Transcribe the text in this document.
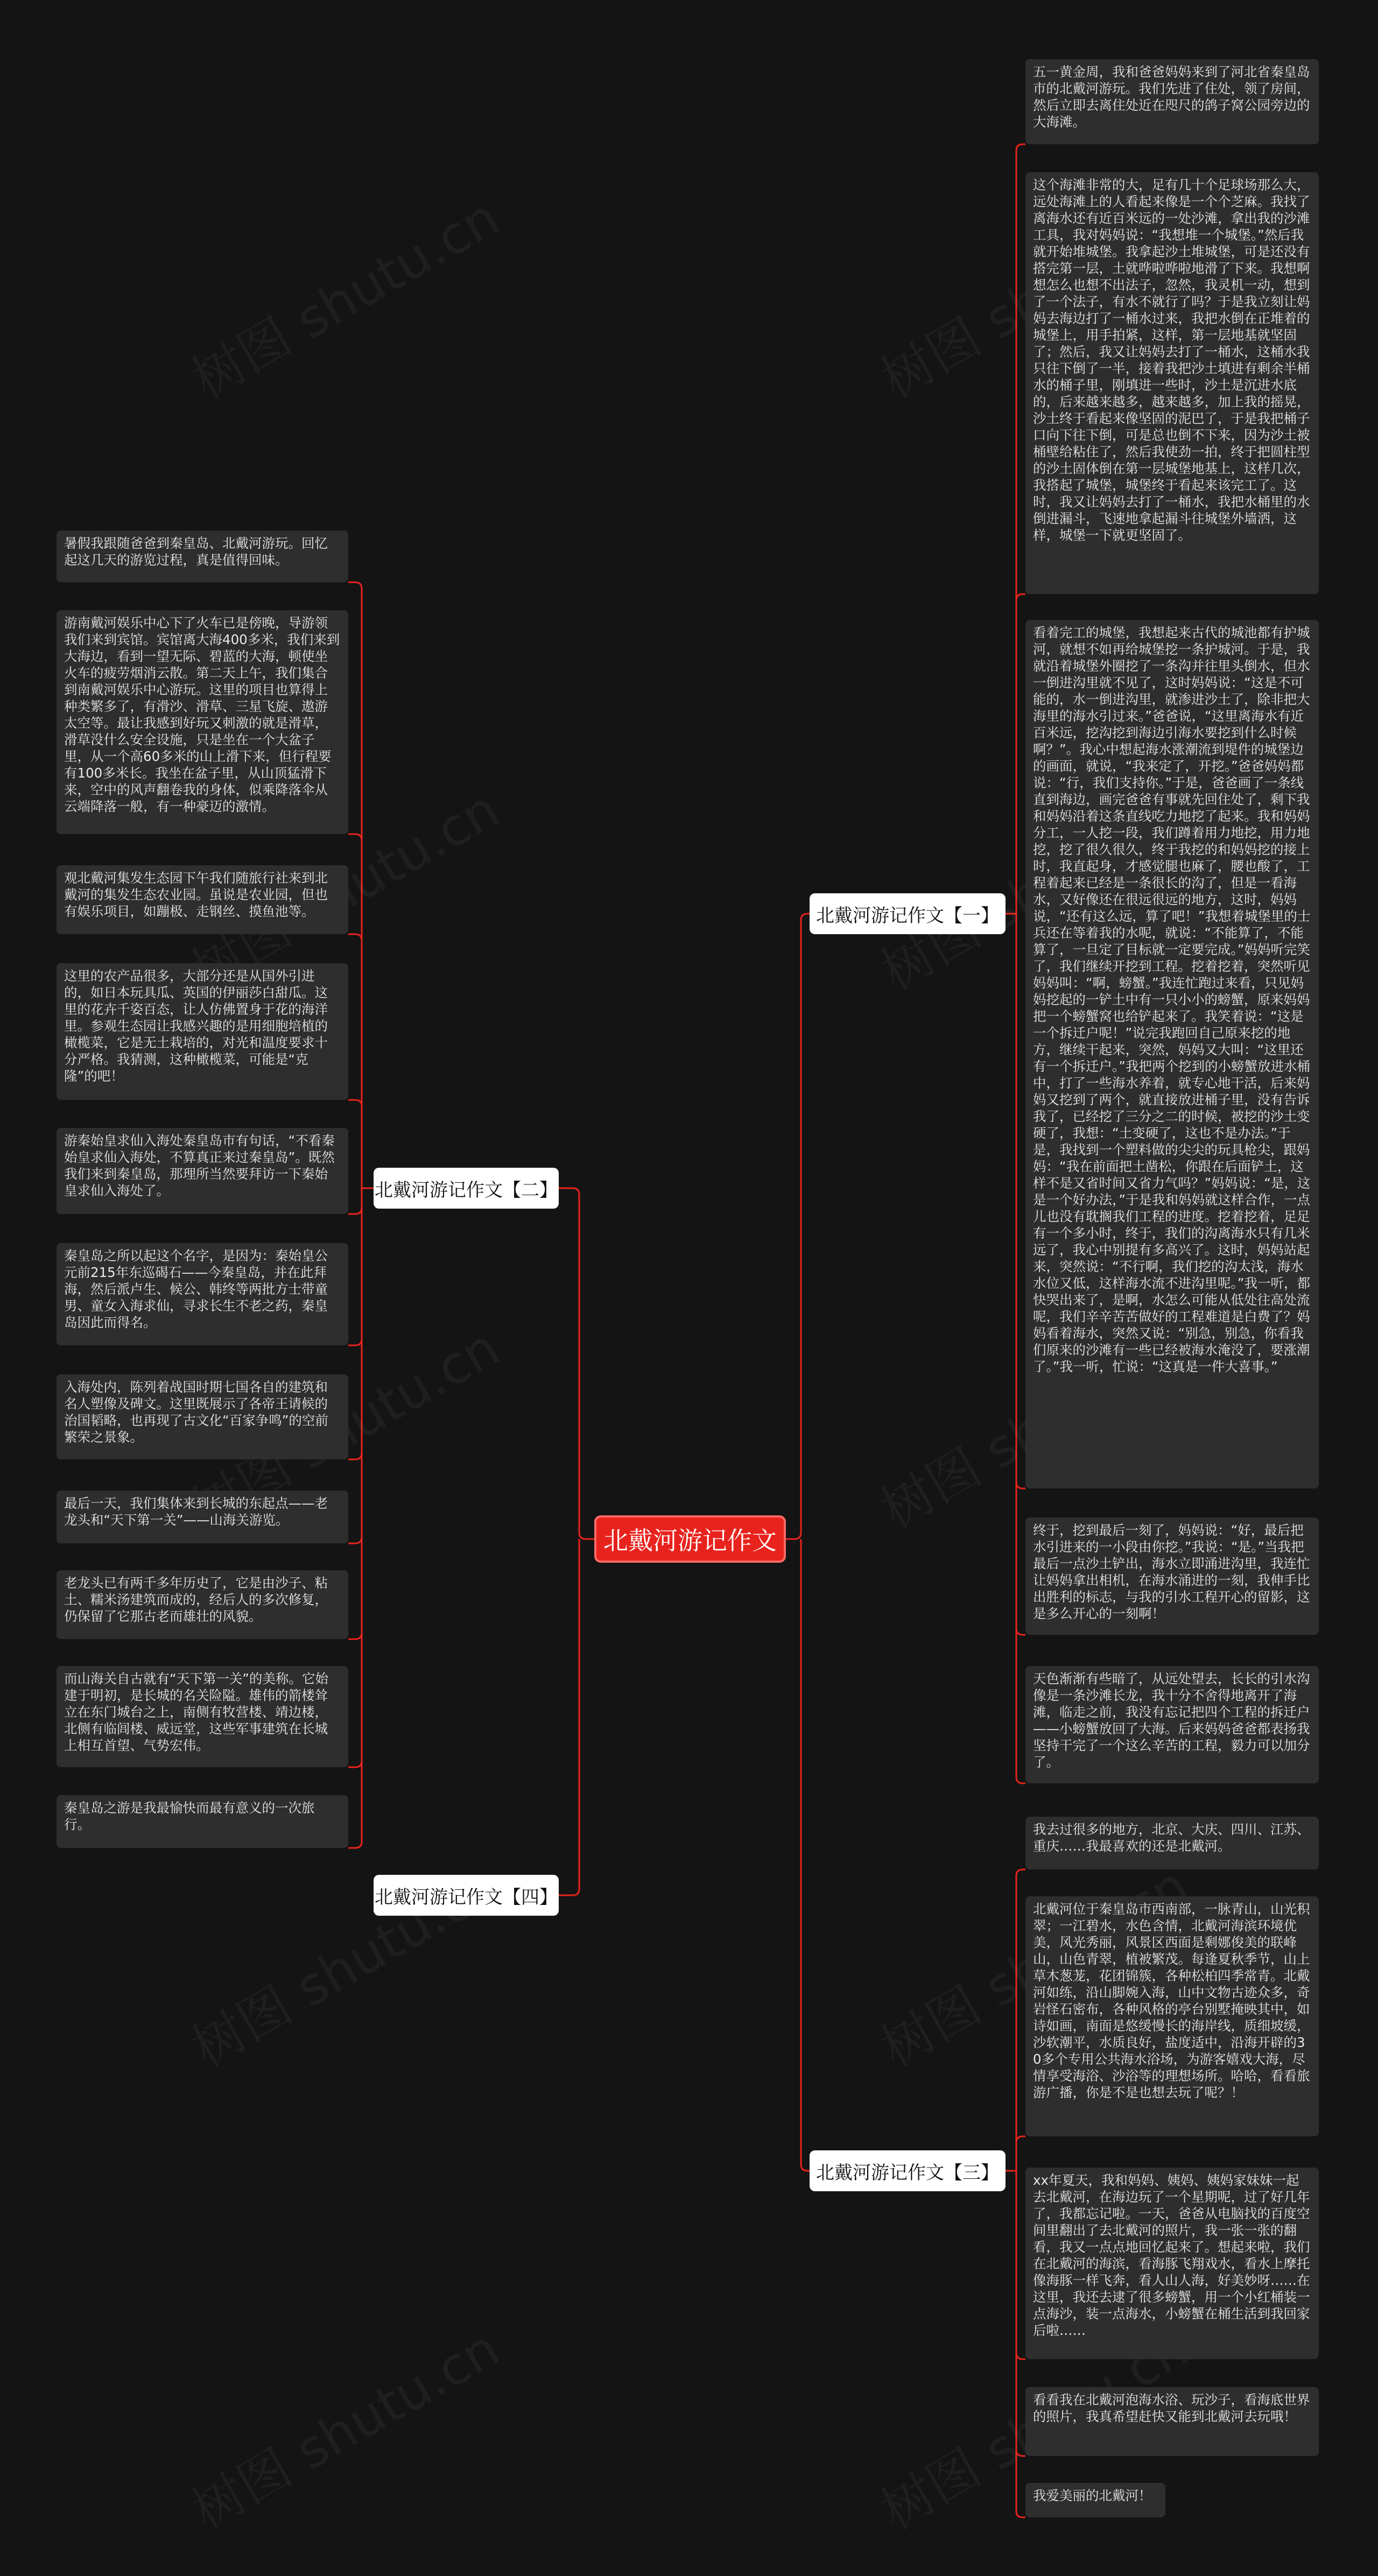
北戴河游记作文
北戴河游记作文【一】
五一黄金周，我和爸爸妈妈来到了河北省秦皇岛市的北戴河游玩。我们先进了住处，领了房间，然后立即去离住处近在咫尺的鸽子窝公园旁边的大海滩。
这个海滩非常的大，足有几十个足球场那么大，远处海滩上的人看起来像是一个个芝麻。我找了离海水还有近百米远的一处沙滩，拿出我的沙滩工具，我对妈妈说：“我想堆一个城堡。”然后我就开始堆城堡。我拿起沙土堆城堡，可是还没有搭完第一层，土就哗啦哗啦地滑了下来。我想啊想怎么也想不出法子，忽然，我灵机一动，想到了一个法子，有水不就行了吗？于是我立刻让妈妈去海边打了一桶水过来，我把水倒在正堆着的城堡上，用手拍紧，这样，第一层地基就坚固了；然后，我又让妈妈去打了一桶水，这桶水我只往下倒了一半，接着我把沙土填进有剩余半桶水的桶子里，刚填进一些时，沙土是沉进水底的，后来越来越多，越来越多，加上我的摇晃，沙土终于看起来像坚固的泥巴了，于是我把桶子口向下往下倒，可是总也倒不下来，因为沙土被桶壁给粘住了，然后我使劲一拍，终于把圆柱型的沙土固体倒在第一层城堡地基上，这样几次，我搭起了城堡，城堡终于看起来该完工了。这时，我又让妈妈去打了一桶水，我把水桶里的水倒进漏斗，飞速地拿起漏斗往城堡外墙洒，这样，城堡一下就更坚固了。
看着完工的城堡，我想起来古代的城池都有护城河，就想不如再给城堡挖一条护城河。于是，我就沿着城堡外圈挖了一条沟并往里头倒水，但水一倒进沟里就不见了，这时妈妈说：“这是不可能的，水一倒进沟里，就渗进沙土了，除非把大海里的海水引过来。”爸爸说，“这里离海水有近百米远，挖沟挖到海边引海水要挖到什么时候啊？”。我心中想起海水涨潮流到堤件的城堡边的画面，就说，“我来定了，开挖。”爸爸妈妈都说：“行，我们支持你。”于是，爸爸画了一条线直到海边，画完爸爸有事就先回住处了，剩下我和妈妈沿着这条直线吃力地挖了起来。我和妈妈分工，一人挖一段，我们蹲着用力地挖，用力地挖，挖了很久很久，终于我挖的和妈妈挖的接上时，我直起身，才感觉腿也麻了，腰也酸了，工程着起来已经是一条很长的沟了，但是一看海水，又好像还在很远很远的地方，这时，妈妈说，“还有这么远，算了吧！”我想着城堡里的士兵还在等着我的水呢，就说：“不能算了，不能算了，一旦定了目标就一定要完成。”妈妈听完笑了，我们继续开挖到工程。挖着挖着，突然听见妈妈叫：“啊，螃蟹。”我连忙跑过来看，只见妈妈挖起的一铲土中有一只小小的螃蟹，原来妈妈把一个螃蟹窝也给铲起来了。我笑着说：“这是一个拆迁户呢！”说完我跑回自己原来挖的地方，继续干起来，突然，妈妈又大叫：“这里还有一个拆迁户。”我把两个挖到的小螃蟹放进水桶中，打了一些海水养着，就专心地干活，后来妈妈又挖到了两个，就直接放进桶子里，没有告诉我了，已经挖了三分之二的时候，被挖的沙土变硬了，我想：“土变硬了，这也不是办法。”于是，我找到一个塑料做的尖尖的玩具枪尖，跟妈妈：“我在前面把土凿松，你跟在后面铲土，这样不是又省时间又省力气吗？”妈妈说：“是，这是一个好办法，”于是我和妈妈就这样合作，一点儿也没有耽搁我们工程的进度。挖着挖着，足足有一个多小时，终于，我们的沟离海水只有几米远了，我心中别提有多高兴了。这时，妈妈站起来，突然说：“不行啊，我们挖的沟太浅，海水水位又低，这样海水流不进沟里呢。”我一听，都快哭出来了，是啊，水怎么可能从低处往高处流呢，我们辛辛苦苦做好的工程难道是白费了？妈妈看着海水，突然又说：“别急，别急，你看我们原来的沙滩有一些已经被海水淹没了，要涨潮了。”我一听，忙说：“这真是一件大喜事。”
终于，挖到最后一刻了，妈妈说：“好，最后把水引进来的一小段由你挖。”我说：“是。”当我把最后一点沙土铲出，海水立即涌进沟里，我连忙让妈妈拿出相机，在海水涌进的一刻，我伸手比出胜利的标志，与我的引水工程开心的留影，这是多么开心的一刻啊！
天色渐渐有些暗了，从远处望去，长长的引水沟像是一条沙滩长龙，我十分不舍得地离开了海滩，临走之前，我没有忘记把四个工程的拆迁户——小螃蟹放回了大海。后来妈妈爸爸都表扬我坚持干完了一个这么辛苦的工程，毅力可以加分了。
北戴河游记作文【二】
暑假我跟随爸爸到秦皇岛、北戴河游玩。回忆起这几天的游览过程，真是值得回味。
游南戴河娱乐中心下了火车已是傍晚，导游领我们来到宾馆。宾馆离大海400多米，我们来到大海边，看到一望无际、碧蓝的大海，顿使坐火车的疲劳烟消云散。第二天上午，我们集合到南戴河娱乐中心游玩。这里的项目也算得上种类繁多了，有滑沙、滑草、三星飞旋、遨游太空等。最让我感到好玩又刺激的就是滑草，滑草没什么安全设施，只是坐在一个大盆子里，从一个高60多米的山上滑下来，但行程要有100多米长。我坐在盆子里，从山顶猛滑下来，空中的风声翻卷我的身体，似乘降落伞从云端降落一般，有一种豪迈的激情。
观北戴河集发生态园下午我们随旅行社来到北戴河的集发生态农业园。虽说是农业园，但也有娱乐项目，如蹦极、走钢丝、摸鱼池等。
这里的农产品很多，大部分还是从国外引进的，如日本玩具瓜、英国的伊丽莎白甜瓜。这里的花卉千姿百态，让人仿佛置身于花的海洋里。参观生态园让我感兴趣的是用细胞培植的橄榄菜，它是无土栽培的，对光和温度要求十分严格。我猜测，这种橄榄菜，可能是“克隆”的吧！
游秦始皇求仙入海处秦皇岛市有句话，“不看秦始皇求仙入海处，不算真正来过秦皇岛”。既然我们来到秦皇岛，那理所当然要拜访一下秦始皇求仙入海处了。
秦皇岛之所以起这个名字，是因为：秦始皇公元前215年东巡碣石——今秦皇岛，并在此拜海，然后派卢生、候公、韩终等两批方士带童男、童女入海求仙，寻求长生不老之药，秦皇岛因此而得名。
入海处内，陈列着战国时期七国各自的建筑和名人塑像及碑文。这里既展示了各帝王请候的治国韬略，也再现了古文化“百家争鸣”的空前繁荣之景象。
最后一天，我们集体来到长城的东起点——老龙头和“天下第一关”——山海关游览。
老龙头已有两千多年历史了，它是由沙子、粘土、糯米汤建筑而成的，经后人的多次修复，仍保留了它那古老而雄壮的风貌。
而山海关自古就有“天下第一关”的美称。它始建于明初，是长城的名关险隘。雄伟的箭楼耸立在东门城台之上，南侧有牧营楼、靖边楼，北侧有临闾楼、威远堂，这些军事建筑在长城上相互首望、气势宏伟。
秦皇岛之游是我最愉快而最有意义的一次旅行。
北戴河游记作文【四】
北戴河游记作文【三】
我去过很多的地方，北京、大庆、四川、江苏、重庆……我最喜欢的还是北戴河。
北戴河位于秦皇岛市西南部，一脉青山，山光积翠；一江碧水，水色含情，北戴河海滨环境优美，风光秀丽，风景区西面是剩娜俊美的联峰山，山色青翠，植被繁茂。每逢夏秋季节，山上草木葱茏，花团锦簇，各种松柏四季常青。北戴河如练，沿山脚婉入海，山中文物古迹众多，奇岩怪石密布，各种风格的亭台别墅掩映其中，如诗如画，南面是悠缓慢长的海岸线，质细坡缓，沙软潮平，水质良好，盐度适中，沿海开辟的30多个专用公共海水浴场，为游客嬉戏大海，尽情享受海浴、沙浴等的理想场所。哈哈，看看旅游广播，你是不是也想去玩了呢？！
xx年夏天，我和妈妈、姨妈、姨妈家妹妹一起去北戴河，在海边玩了一个星期呢，过了好几年了，我都忘记啦。一天，爸爸从电脑找的百度空间里翻出了去北戴河的照片，我一张一张的翻看，我又一点点地回忆起来了。想起来啦，我们在北戴河的海滨，看海豚飞翔戏水，看水上摩托像海豚一样飞奔，看人山人海，好美妙呀……在这里，我还去逮了很多螃蟹，用一个小红桶装一点海沙，装一点海水，小螃蟹在桶生活到我回家后啦……
看看我在北戴河泡海水浴、玩沙子，看海底世界的照片，我真希望赶快又能到北戴河去玩哦！
我爱美丽的北戴河！
